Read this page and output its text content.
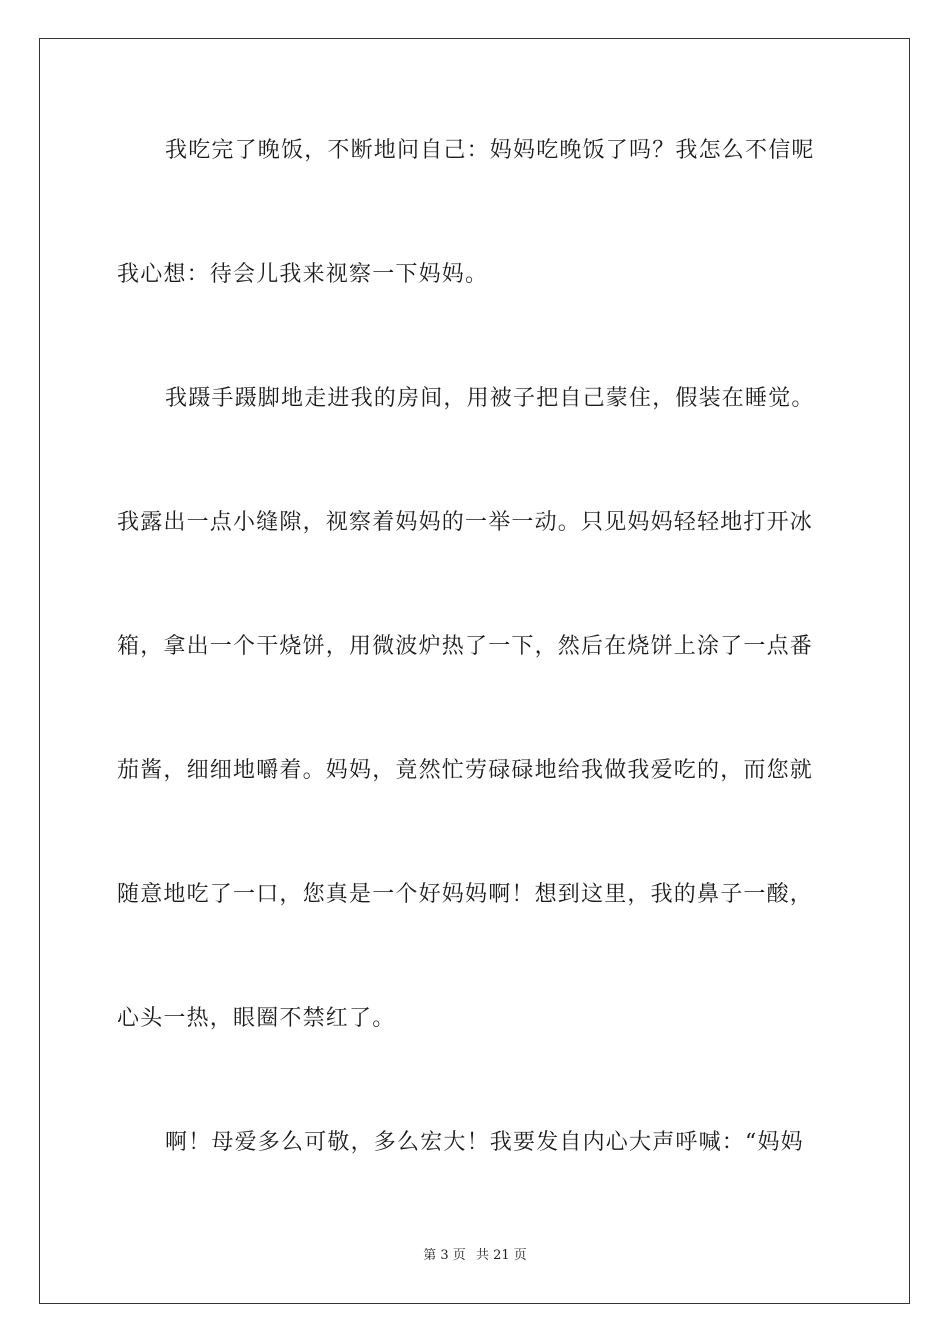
我吃完了晚饭，不断地问自己：妈妈吃晚饭了吗？我怎么不信呢
我心想：待会儿我来视察一下妈妈。
我蹑手蹑脚地走进我的房间，用被子把自己蒙住，假装在睡觉。
我露出一点小缝隙，视察着妈妈的一举一动。只见妈妈轻轻地打开冰
箱，拿出一个干烧饼，用微波炉热了一下，然后在烧饼上涂了一点番
茄酱，细细地嚼着。妈妈，竟然忙劳碌碌地给我做我爱吃的，而您就
随意地吃了一口，您真是一个好妈妈啊！想到这里，我的鼻子一酸，
心头一热，眼圈不禁红了。
啊！母爱多么可敬，多么宏大！我要发自内心大声呼喊：“妈妈
第 3 页 共 21 页
